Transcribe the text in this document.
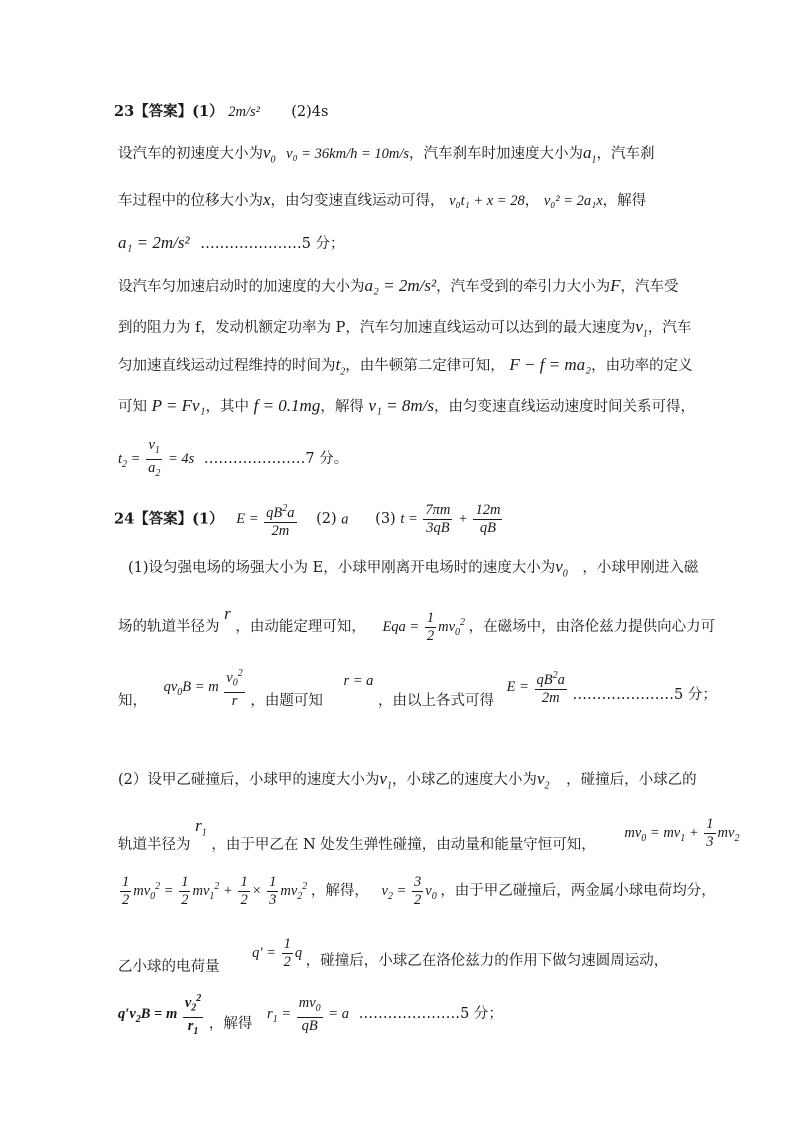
23【答案】(1） 2m/s² (2)4s
设汽车的初速度大小为$v_0$ v₀ = 36km/h = 10m/s，汽车刹车时加速度大小为$a_1$，汽车刹
车过程中的位移大小为x，由匀变速直线运动可得， v₀t₁ + x = 28， v₀² = 2a₁x，解得
a₁ = 2m/s² …………………5 分；
设汽车匀加速启动时的加速度的大小为a₂ = 2m/s²，汽车受到的牵引力大小为F，汽车受
到的阻力为 f，发动机额定功率为 P，汽车匀加速直线运动可以达到的最大速度为$v_1$，汽车
匀加速直线运动过程维持的时间为$t_2$，由牛顿第二定律可知， F − f = ma₂，由功率的定义
可知 P = Fv₁，其中 f = 0.1mg，解得 v₁ = 8m/s，由匀变速直线运动速度时间关系可得，
$t_2 = \frac{v_1}{a_2} = 4s$ …………………7 分。
24【答案】(1） $E = \frac{qB^2a}{2m} (2)$ a (3) $t = \frac{7\pi m}{3qB} + \frac{12m}{qB}$
(1)设匀强电场的场强大小为 E，小球甲刚离开电场时的速度大小为$v_0$ ，小球甲刚进入磁
场的轨道半径为 r ，由动能定理可知， Eqa = $\frac{1}{2} mv_0^2$ ，在磁场中，由洛伦兹力提供向心力可
知， $qv_0B = m \frac{v_0^2}{r}$ ，由题可知 r = a ，由以上各式可得 $E = \frac{qB^2a}{2m}$ …………………5 分；
(2）设甲乙碰撞后，小球甲的速度大小为$v_1$，小球乙的速度大小为$v_2$ ，碰撞后，小球乙的
轨道半径为 $r_1$ ，由于甲乙在 N 处发生弹性碰撞，由动量和能量守恒可知， $mv_0 = mv_1 + \frac{1}{3} mv_2$
$\frac{1}{2} mv_0^2 = \frac{1}{2} mv_1^2 + \frac{1}{2} \times \frac{1}{3} mv_2^2$ ，解得， $v_2 = \frac{3}{2} v_0$ ，由于甲乙碰撞后，两金属小球电荷均分，
乙小球的电荷量 $q' = \frac{1}{2}$ q ，碰撞后，小球乙在洛伦兹力的作用下做匀速圆周运动，
$q'v_2B = m \frac{v_2^2}{r_1}$ ，解得 $r_1 = \frac{mv_0}{qB} = a$ …………………5 分；
